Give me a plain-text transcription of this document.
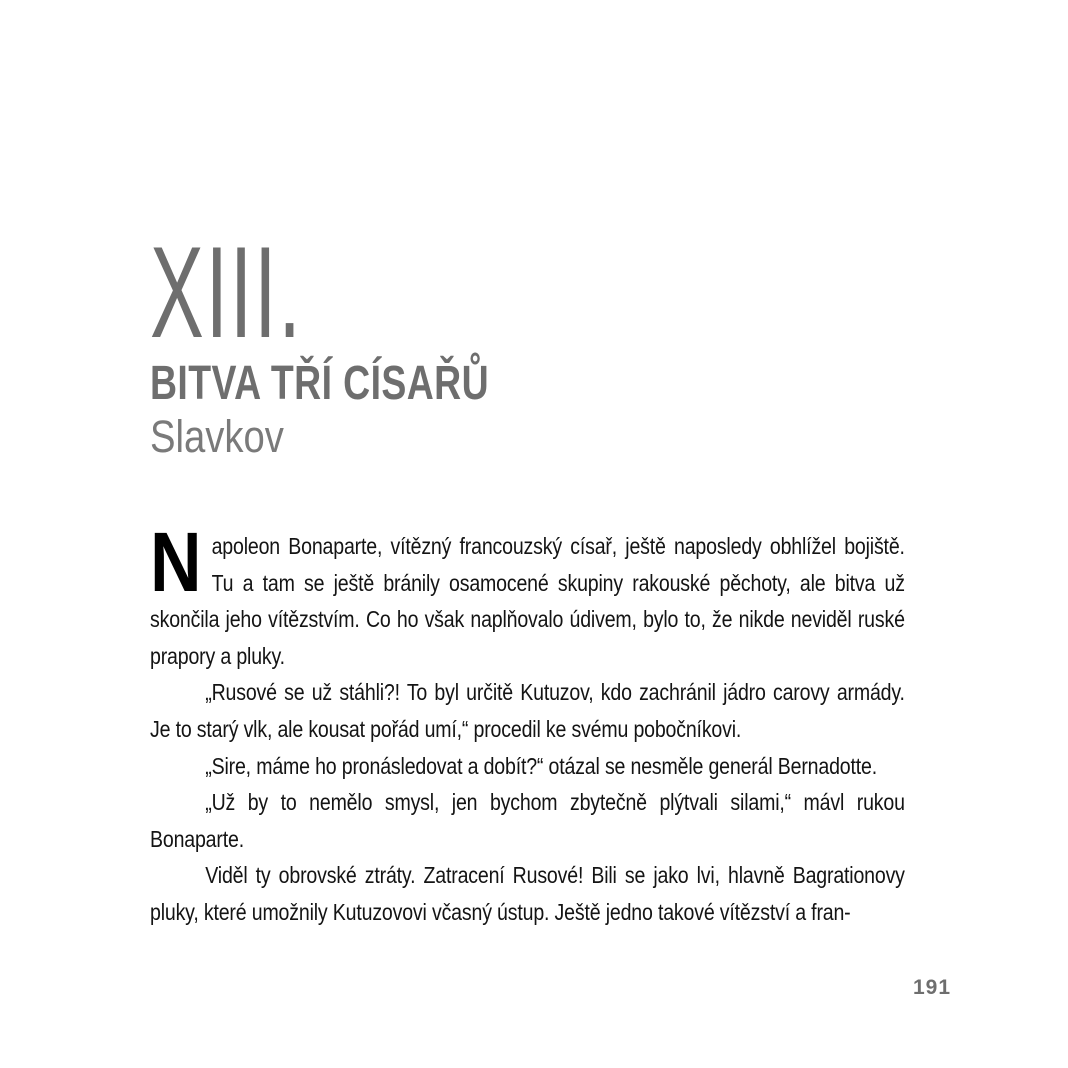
XIII.
BITVA TŘÍ CÍSAŘŮ
Slavkov

Napoleon Bonaparte, vítězný francouzský císař, ještě naposledy obhlížel bojiště. Tu a tam se ještě bránily osamocené skupiny rakouské pěchoty, ale bitva už skončila jeho vítězstvím. Co ho však naplňovalo údivem, bylo to, že nikde neviděl ruské prapory a pluky.

„Rusové se už stáhli?! To byl určitě Kutuzov, kdo zachránil jádro carovy armády. Je to starý vlk, ale kousat pořád umí,“ procedil ke svému pobočníkovi.

„Sire, máme ho pronásledovat a dobít?“ otázal se nesměle generál Bernadotte.

„Už by to nemělo smysl, jen bychom zbytečně plýtvali silami,“ mávl rukou Bonaparte.

Viděl ty obrovské ztráty. Zatracení Rusové! Bili se jako lvi, hlavně Bagrationovy pluky, které umožnily Kutuzovovi včasný ústup. Ještě jedno takové vítězství a fran-

191
